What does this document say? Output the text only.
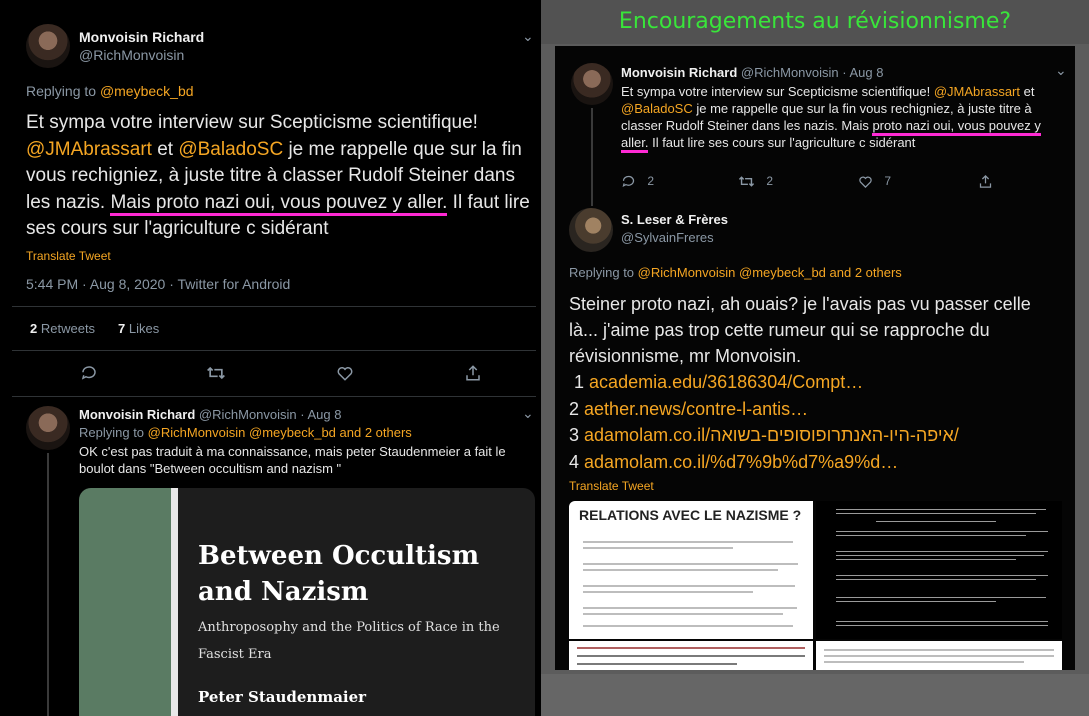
Monvoisin Richard
@RichMonvoisin
⌄
Replying to @meybeck_bd
Et sympa votre interview sur Scepticisme scientifique! @JMAbrassart et @BaladoSC je me rappelle que sur la fin vous rechigniez, à juste titre à classer Rudolf Steiner dans les nazis. Mais proto nazi oui, vous pouvez y aller. Il faut lire ses cours sur l'agriculture c sidérant
Translate Tweet
5:44 PM · Aug 8, 2020 · Twitter for Android
2 Retweets 7 Likes
Monvoisin Richard @RichMonvoisin · Aug 8	⌄
Replying to @RichMonvoisin @meybeck_bd and 2 others
OK c'est pas traduit à ma connaissance, mais peter Staudenmeier a fait le boulot dans "Between occultism and nazism "
Between Occultism and Nazism
Anthroposophy and the Politics of Race in the Fascist Era
Peter Staudenmaier
Encouragements au révisionnisme?
Monvoisin Richard @RichMonvoisin · Aug 8	⌄
Et sympa votre interview sur Scepticisme scientifique! @JMAbrassart et @BaladoSC je me rappelle que sur la fin vous rechigniez, à juste titre à classer Rudolf Steiner dans les nazis. Mais proto nazi oui, vous pouvez y aller. Il faut lire ses cours sur l'agriculture c sidérant
2	2	7
S. Leser & Frères
@SylvainFreres
Replying to @RichMonvoisin @meybeck_bd and 2 others
Steiner proto nazi, ah ouais? je l'avais pas vu passer celle là... j'aime pas trop cette rumeur qui se rapproche du révisionnisme, mr Monvoisin.
1 academia.edu/36186304/Compt…
2 aether.news/contre-l-antis…
3 adamolam.co.il/איפה-היו-האנתרופוסופים-בשואה/
4 adamolam.co.il/%d7%9b%d7%a9%d…
Translate Tweet
RELATIONS AVEC LE NAZISME ?
